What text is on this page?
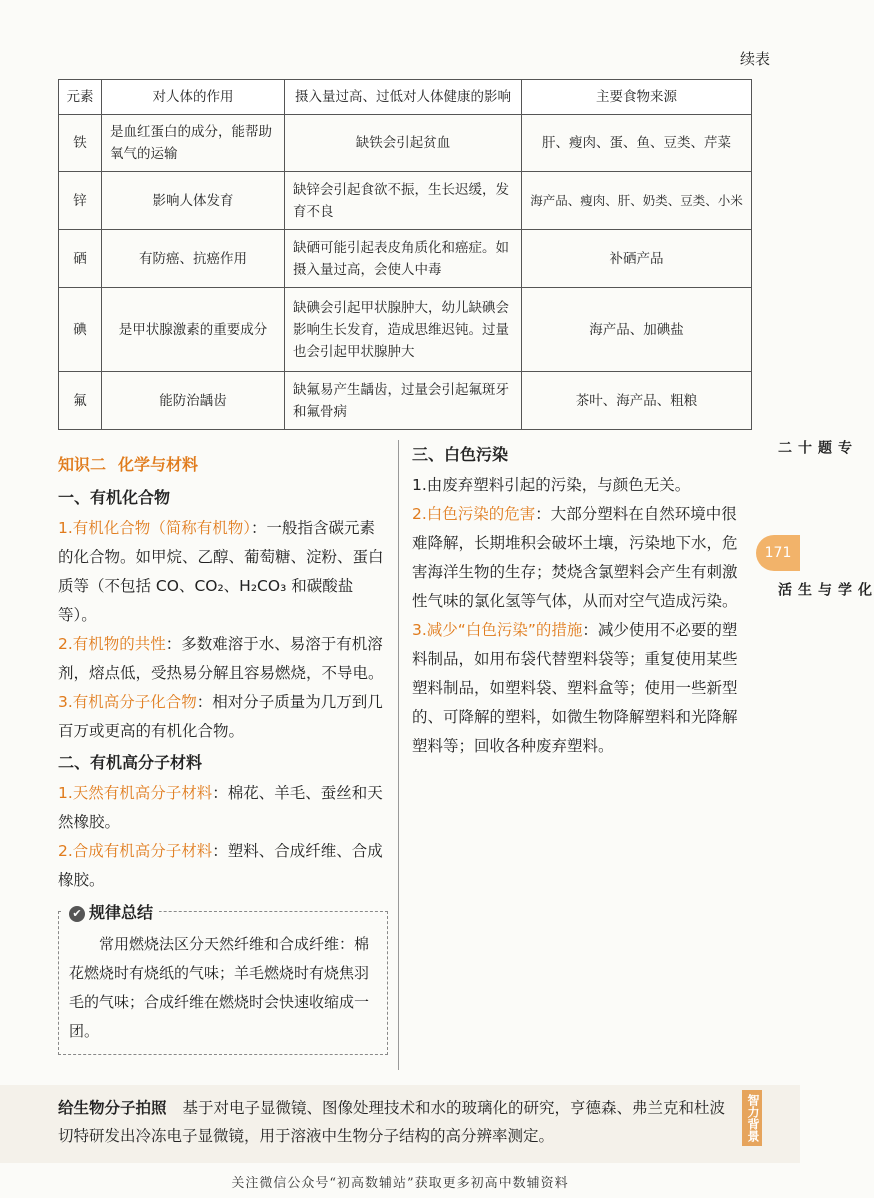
续表
元素	对人体的作用	摄入量过高、过低对人体健康的影响	主要食物来源
铁	是血红蛋白的成分，能帮助氧气的运输	缺铁会引起贫血	肝、瘦肉、蛋、鱼、豆类、芹菜
锌	影响人体发育	缺锌会引起食欲不振，生长迟缓，发育不良	海产品、瘦肉、肝、奶类、豆类、小米
硒	有防癌、抗癌作用	缺硒可能引起表皮角质化和癌症。如摄入量过高，会使人中毒	补硒产品
碘	是甲状腺激素的重要成分	缺碘会引起甲状腺肿大，幼儿缺碘会影响生长发育，造成思维迟钝。过量也会引起甲状腺肿大	海产品、加碘盐
氟	能防治龋齿	缺氟易产生龋齿，过量会引起氟斑牙和氟骨病	茶叶、海产品、粗粮
知识二 化学与材料
一、有机化合物

1.有机化合物（简称有机物）：一般指含碳元素的化合物。如甲烷、乙醇、葡萄糖、淀粉、蛋白质等（不包括 CO、CO₂、H₂CO₃ 和碳酸盐等）。

2.有机物的共性：多数难溶于水、易溶于有机溶剂，熔点低，受热易分解且容易燃烧，不导电。

3.有机高分子化合物：相对分子质量为几万到几百万或更高的有机化合物。

二、有机高分子材料

1.天然有机高分子材料：棉花、羊毛、蚕丝和天然橡胶。

2.合成有机高分子材料：塑料、合成纤维、合成橡胶。

✔ 规律总结
常用燃烧法区分天然纤维和合成纤维：棉花燃烧时有烧纸的气味；羊毛燃烧时有烧焦羽毛的气味；合成纤维在燃烧时会快速收缩成一团。
三、白色污染

1.由废弃塑料引起的污染，与颜色无关。

2.白色污染的危害：大部分塑料在自然环境中很难降解，长期堆积会破坏土壤，污染地下水，危害海洋生物的生存；焚烧含氯塑料会产生有刺激性气味的氯化氢等气体，从而对空气造成污染。

3.减少“白色污染”的措施：减少使用不必要的塑料制品，如用布袋代替塑料袋等；重复使用某些塑料制品，如塑料袋、塑料盒等；使用一些新型的、可降解的塑料，如微生物降解塑料和光降解塑料等；回收各种废弃塑料。

专题十二
171
化学与生活
给生物分子拍照 基于对电子显微镜、图像处理技术和水的玻璃化的研究，亨德森、弗兰克和杜波切特研发出冷冻电子显微镜，用于溶液中生物分子结构的高分辨率测定。	智力背景
关注微信公众号“初高数辅站”获取更多初高中数辅资料
